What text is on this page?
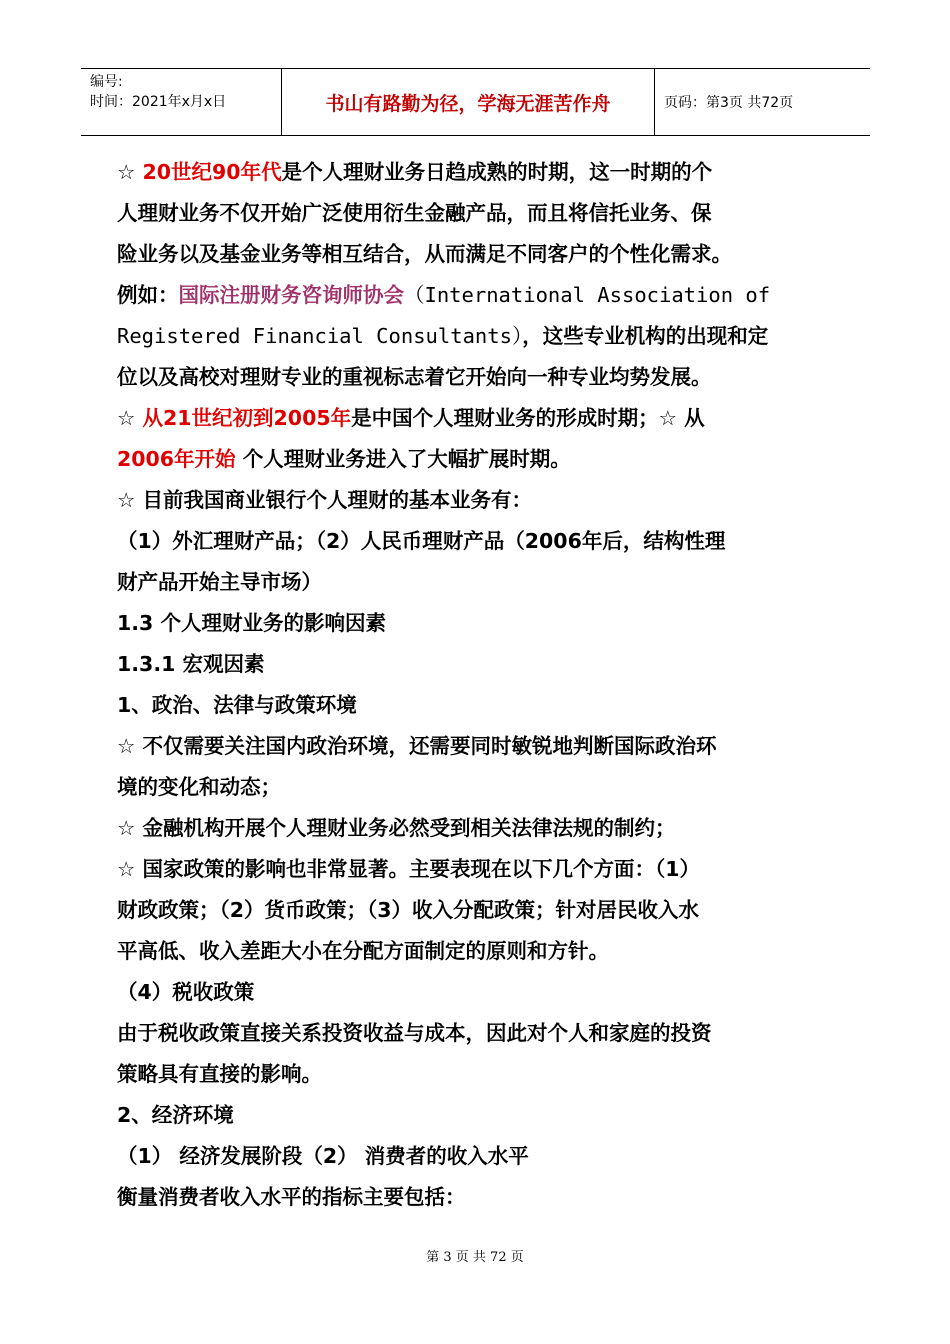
编号:
时间：2021年x月x日	书山有路勤为径，学海无涯苦作舟	页码：第3页 共72页
☆ 20世纪90年代是个人理财业务日趋成熟的时期，这一时期的个
人理财业务不仅开始广泛使用衍生金融产品，而且将信托业务、保
险业务以及基金业务等相互结合，从而满足不同客户的个性化需求。
例如：国际注册财务咨询师协会（International Association of
Registered Financial Consultants），这些专业机构的出现和定
位以及高校对理财专业的重视标志着它开始向一种专业均势发展。
☆ 从21世纪初到2005年是中国个人理财业务的形成时期；☆ 从
2006年开始 个人理财业务进入了大幅扩展时期。
☆ 目前我国商业银行个人理财的基本业务有：
（1）外汇理财产品；（2）人民币理财产品（2006年后，结构性理
财产品开始主导市场）
1.3 个人理财业务的影响因素
1.3.1 宏观因素
1、政治、法律与政策环境
☆ 不仅需要关注国内政治环境，还需要同时敏锐地判断国际政治环
境的变化和动态；
☆ 金融机构开展个人理财业务必然受到相关法律法规的制约；
☆ 国家政策的影响也非常显著。主要表现在以下几个方面：（1）
财政政策；（2）货币政策；（3）收入分配政策；针对居民收入水
平高低、收入差距大小在分配方面制定的原则和方针。
（4）税收政策
由于税收政策直接关系投资收益与成本，因此对个人和家庭的投资
策略具有直接的影响。
2、经济环境
（1） 经济发展阶段（2） 消费者的收入水平
衡量消费者收入水平的指标主要包括：
第 3 页 共 72 页
